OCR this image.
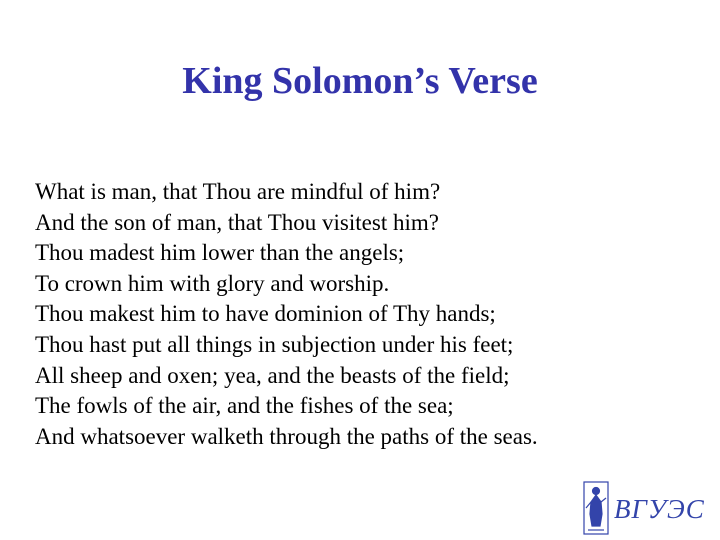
King Solomon’s Verse
What is man, that Thou are mindful of him?
And the son of man, that Thou visitest him?
Thou madest him lower than the angels;
To crown him with glory and worship.
Thou makest him to have dominion of Thy hands;
Thou hast put all things in subjection under his feet;
All sheep and oxen; yea, and the beasts of the field;
The fowls of the air, and the fishes of the sea;
And whatsoever walketh through the paths of the seas.
ВГУЭС
